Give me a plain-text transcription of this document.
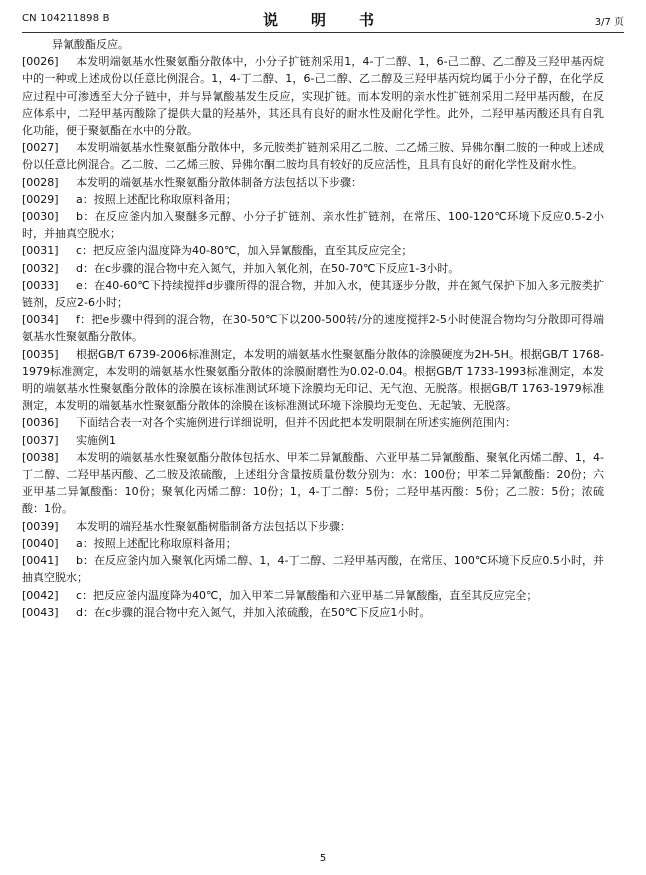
CN 104211898 B	说　明　书	3/7 页

异氰酸酯反应。

[0026] 本发明端氨基水性聚氨酯分散体中，小分子扩链剂采用1，4-丁二醇、1，6-己二醇、乙二醇及三羟甲基丙烷中的一种或上述成份以任意比例混合。1，4-丁二醇、1，6-己二醇、乙二醇及三羟甲基丙烷均属于小分子醇，在化学反应过程中可渗透至大分子链中，并与异氰酸基发生反应，实现扩链。而本发明的亲水性扩链剂采用二羟甲基丙酸，在反应体系中，二羟甲基丙酸除了提供大量的羟基外，其还具有良好的耐水性及耐化学性。此外，二羟甲基丙酸还具有自乳化功能，便于聚氨酯在水中的分散。

[0027] 本发明端氨基水性聚氨酯分散体中，多元胺类扩链剂采用乙二胺、二乙烯三胺、异佛尔酮二胺的一种或上述成份以任意比例混合。乙二胺、二乙烯三胺、异佛尔酮二胺均具有较好的反应活性，且具有良好的耐化学性及耐水性。

[0028] 本发明的端氨基水性聚氨酯分散体制备方法包括以下步骤：

[0029] a：按照上述配比称取原料备用；

[0030] b：在反应釜内加入聚醚多元醇、小分子扩链剂、亲水性扩链剂，在常压、100-120℃环境下反应0.5-2小时，并抽真空脱水；

[0031] c：把反应釜内温度降为40-80℃，加入异氰酸酯，直至其反应完全；

[0032] d：在c步骤的混合物中充入氮气，并加入氧化剂，在50-70℃下反应1-3小时。

[0033] e：在40-60℃下持续搅拌d步骤所得的混合物，并加入水，使其逐步分散，并在氮气保护下加入多元胺类扩链剂，反应2-6小时；

[0034] f：把e步骤中得到的混合物，在30-50℃下以200-500转/分的速度搅拌2-5小时使混合物均匀分散即可得端氨基水性聚氨酯分散体。

[0035] 根据GB/T 6739-2006标准测定，本发明的端氨基水性聚氨酯分散体的涂膜硬度为2H-5H。根据GB/T 1768-1979标准测定，本发明的端氨基水性聚氨酯分散体的涂膜耐磨性为0.02-0.04。根据GB/T 1733-1993标准测定，本发明的端氨基水性聚氨酯分散体的涂膜在该标准测试环境下涂膜均无印记、无气泡、无脱落。根据GB/T 1763-1979标准测定，本发明的端氨基水性聚氨酯分散体的涂膜在该标准测试环境下涂膜均无变色、无起皱、无脱落。

[0036] 下面结合表一对各个实施例进行详细说明，但并不因此把本发明限制在所述实施例范围内：

[0037] 实施例1

[0038] 本发明的端氨基水性聚氨酯分散体包括水、甲苯二异氰酸酯、六亚甲基二异氰酸酯、聚氧化丙烯二醇、1，4-丁二醇、二羟甲基丙酸、乙二胺及浓硫酸，上述组分含量按质量份数分别为：水：100份；甲苯二异氰酸酯：20份；六亚甲基二异氰酸酯：10份；聚氧化丙烯二醇：10份；1，4-丁二醇：5份；二羟甲基丙酸：5份；乙二胺：5份；浓硫酸：1份。

[0039] 本发明的端羟基水性聚氨酯树脂制备方法包括以下步骤：

[0040] a：按照上述配比称取原料备用；

[0041] b：在反应釜内加入聚氧化丙烯二醇、1，4-丁二醇、二羟甲基丙酸，在常压、100℃环境下反应0.5小时，并抽真空脱水；

[0042] c：把反应釜内温度降为40℃，加入甲苯二异氰酸酯和六亚甲基二异氰酸酯，直至其反应完全；

[0043] d：在c步骤的混合物中充入氮气，并加入浓硫酸，在50℃下反应1小时。

5
